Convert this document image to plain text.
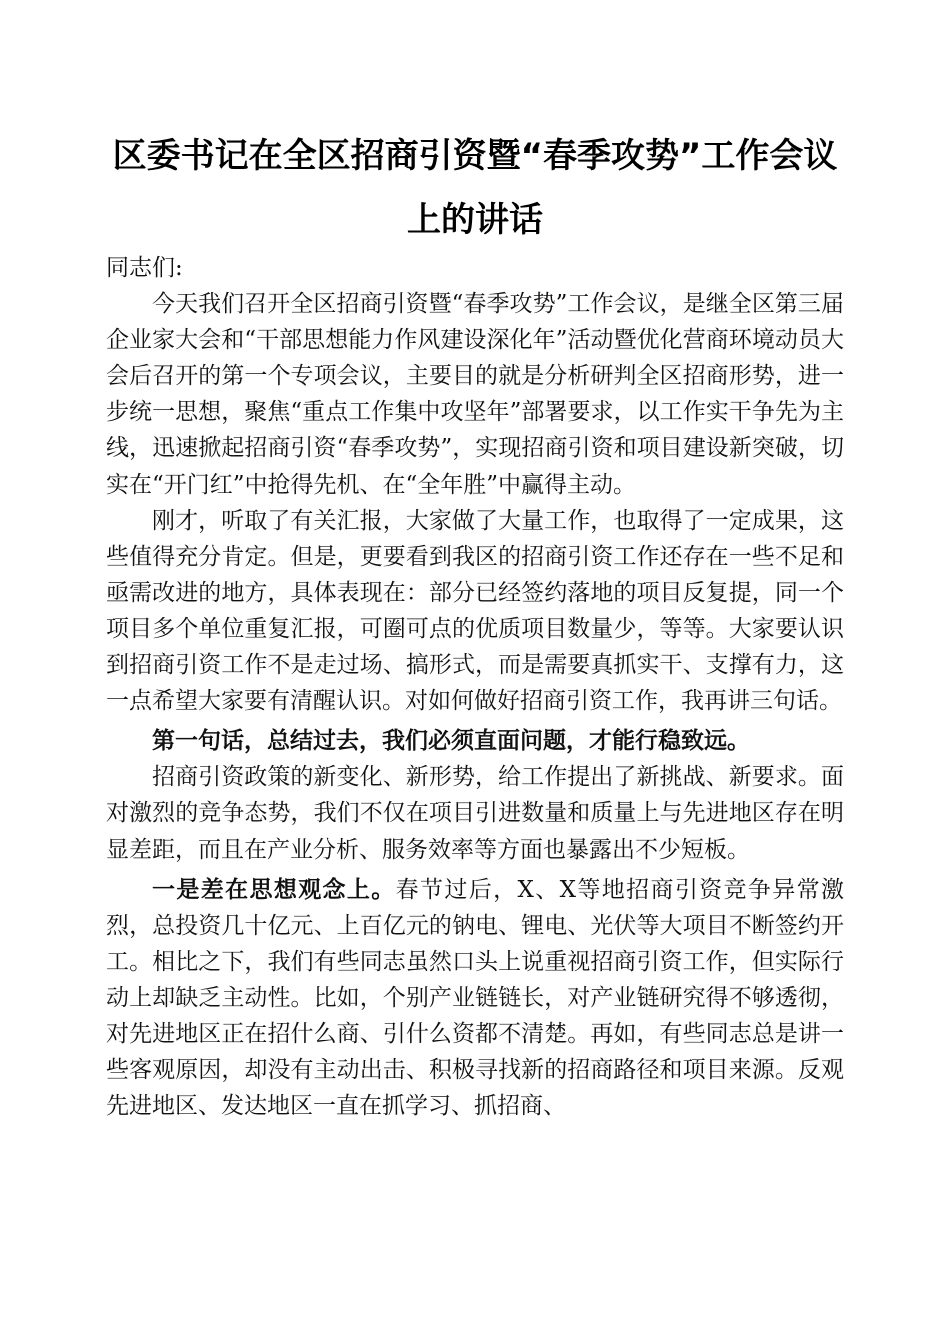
区委书记在全区招商引资暨“春季攻势”工作会议上的讲话

同志们:

今天我们召开全区招商引资暨“春季攻势”工作会议，是继全区第三届企业家大会和“干部思想能力作风建设深化年”活动暨优化营商环境动员大会后召开的第一个专项会议，主要目的就是分析研判全区招商形势，进一步统一思想，聚焦“重点工作集中攻坚年”部署要求，以工作实干争先为主线，迅速掀起招商引资“春季攻势”，实现招商引资和项目建设新突破，切实在“开门红”中抢得先机、在“全年胜”中赢得主动。

刚才，听取了有关汇报，大家做了大量工作，也取得了一定成果，这些值得充分肯定。但是，更要看到我区的招商引资工作还存在一些不足和亟需改进的地方，具体表现在：部分已经签约落地的项目反复提，同一个项目多个单位重复汇报，可圈可点的优质项目数量少，等等。大家要认识到招商引资工作不是走过场、搞形式，而是需要真抓实干、支撑有力，这一点希望大家要有清醒认识。对如何做好招商引资工作，我再讲三句话。

第一句话，总结过去，我们必须直面问题，才能行稳致远。

招商引资政策的新变化、新形势，给工作提出了新挑战、新要求。面对激烈的竞争态势，我们不仅在项目引进数量和质量上与先进地区存在明显差距，而且在产业分析、服务效率等方面也暴露出不少短板。

一是差在思想观念上。春节过后，X、X等地招商引资竞争异常激烈，总投资几十亿元、上百亿元的钠电、锂电、光伏等大项目不断签约开工。相比之下，我们有些同志虽然口头上说重视招商引资工作，但实际行动上却缺乏主动性。比如，个别产业链链长，对产业链研究得不够透彻，对先进地区正在招什么商、引什么资都不清楚。再如，有些同志总是讲一些客观原因，却没有主动出击、积极寻找新的招商路径和项目来源。反观先进地区、发达地区一直在抓学习、抓招商、
